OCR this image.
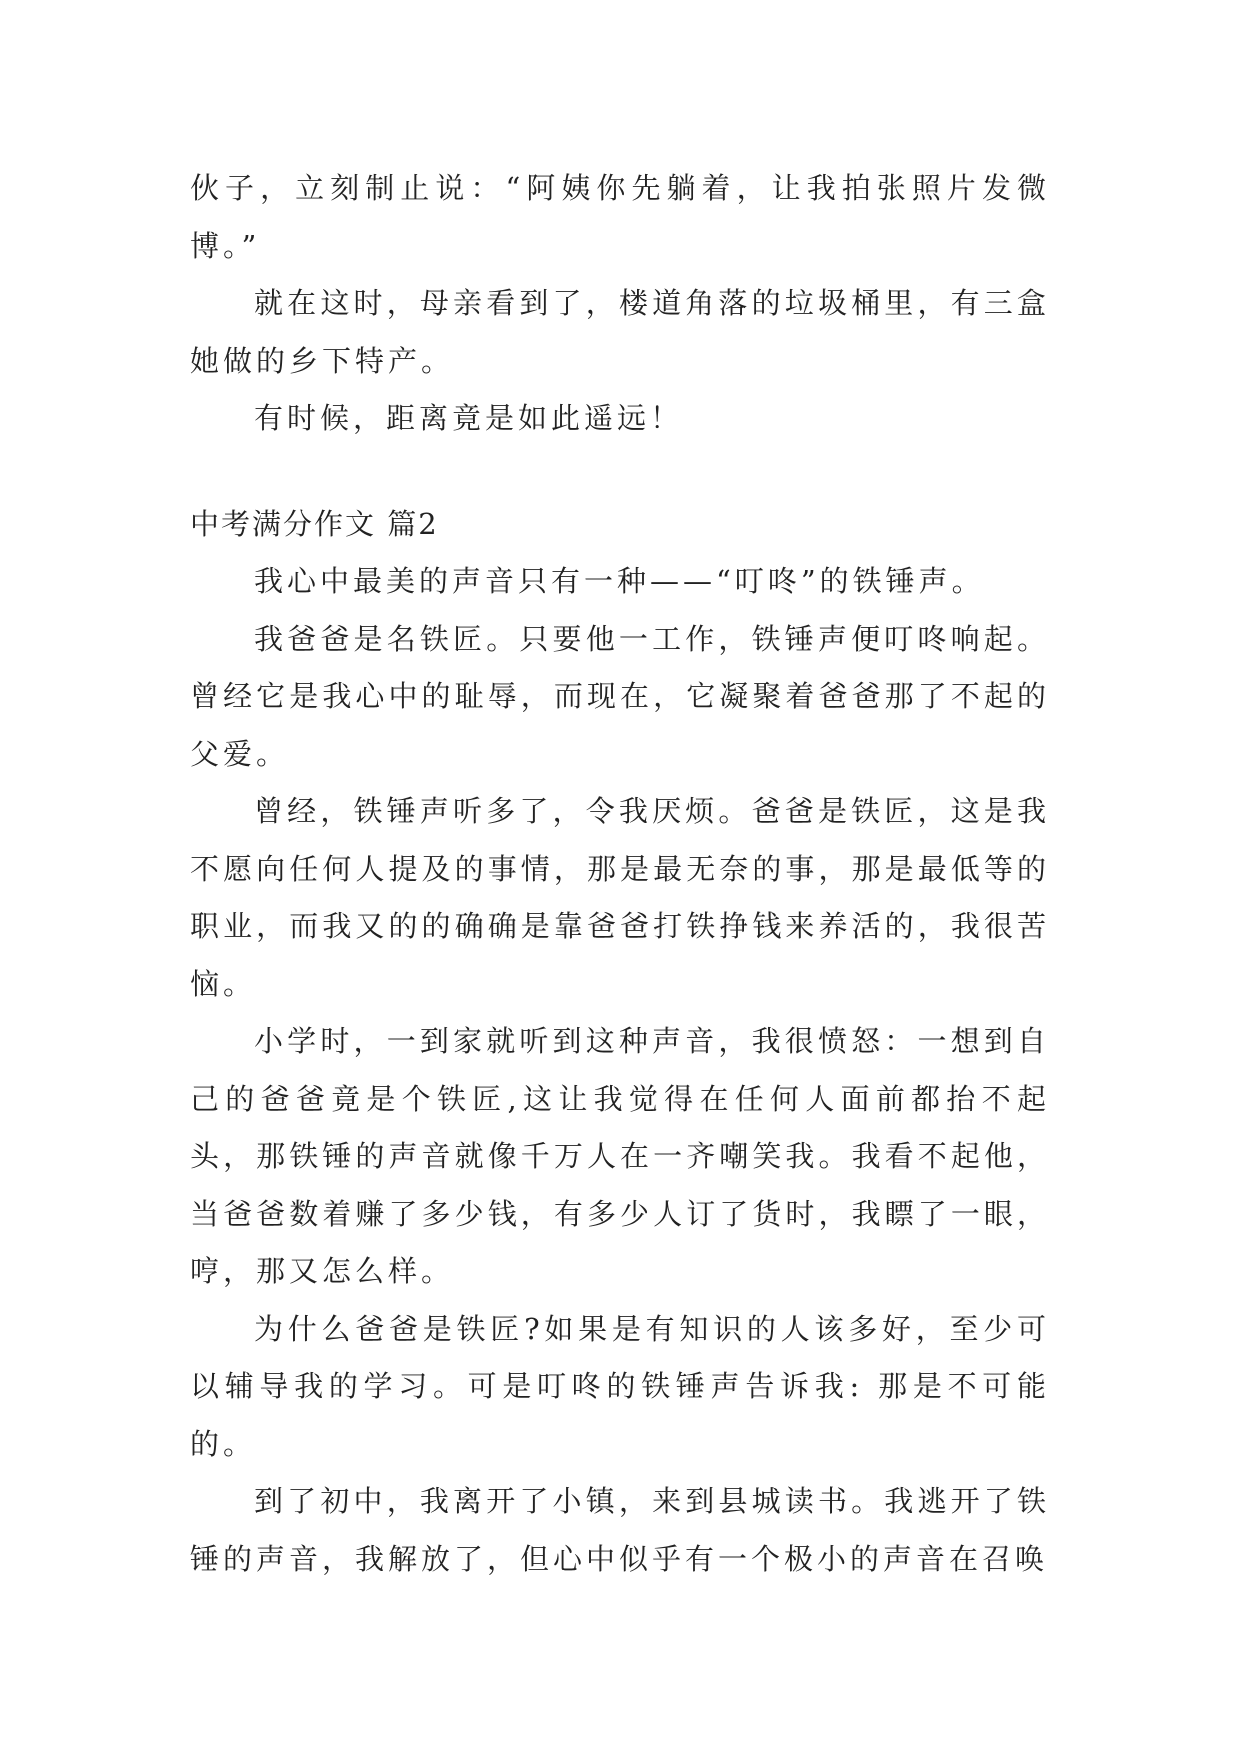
伙子，立刻制止说：“阿姨你先躺着，让我拍张照片发微博。”

就在这时，母亲看到了，楼道角落的垃圾桶里，有三盒她做的乡下特产。

有时候，距离竟是如此遥远！

中考满分作文 篇2

我心中最美的声音只有一种——“叮咚”的铁锤声。

我爸爸是名铁匠。只要他一工作，铁锤声便叮咚响起。曾经它是我心中的耻辱，而现在，它凝聚着爸爸那了不起的父爱。

曾经，铁锤声听多了，令我厌烦。爸爸是铁匠，这是我不愿向任何人提及的事情，那是最无奈的事，那是最低等的职业，而我又的的确确是靠爸爸打铁挣钱来养活的，我很苦恼。

小学时，一到家就听到这种声音，我很愤怒：一想到自己的爸爸竟是个铁匠,这让我觉得在任何人面前都抬不起头，那铁锤的声音就像千万人在一齐嘲笑我。我看不起他，当爸爸数着赚了多少钱，有多少人订了货时，我瞟了一眼，哼，那又怎么样。

为什么爸爸是铁匠?如果是有知识的人该多好，至少可以辅导我的学习。可是叮咚的铁锤声告诉我: 那是不可能的。

到了初中，我离开了小镇，来到县城读书。我逃开了铁锤的声音，我解放了，但心中似乎有一个极小的声音在召唤
